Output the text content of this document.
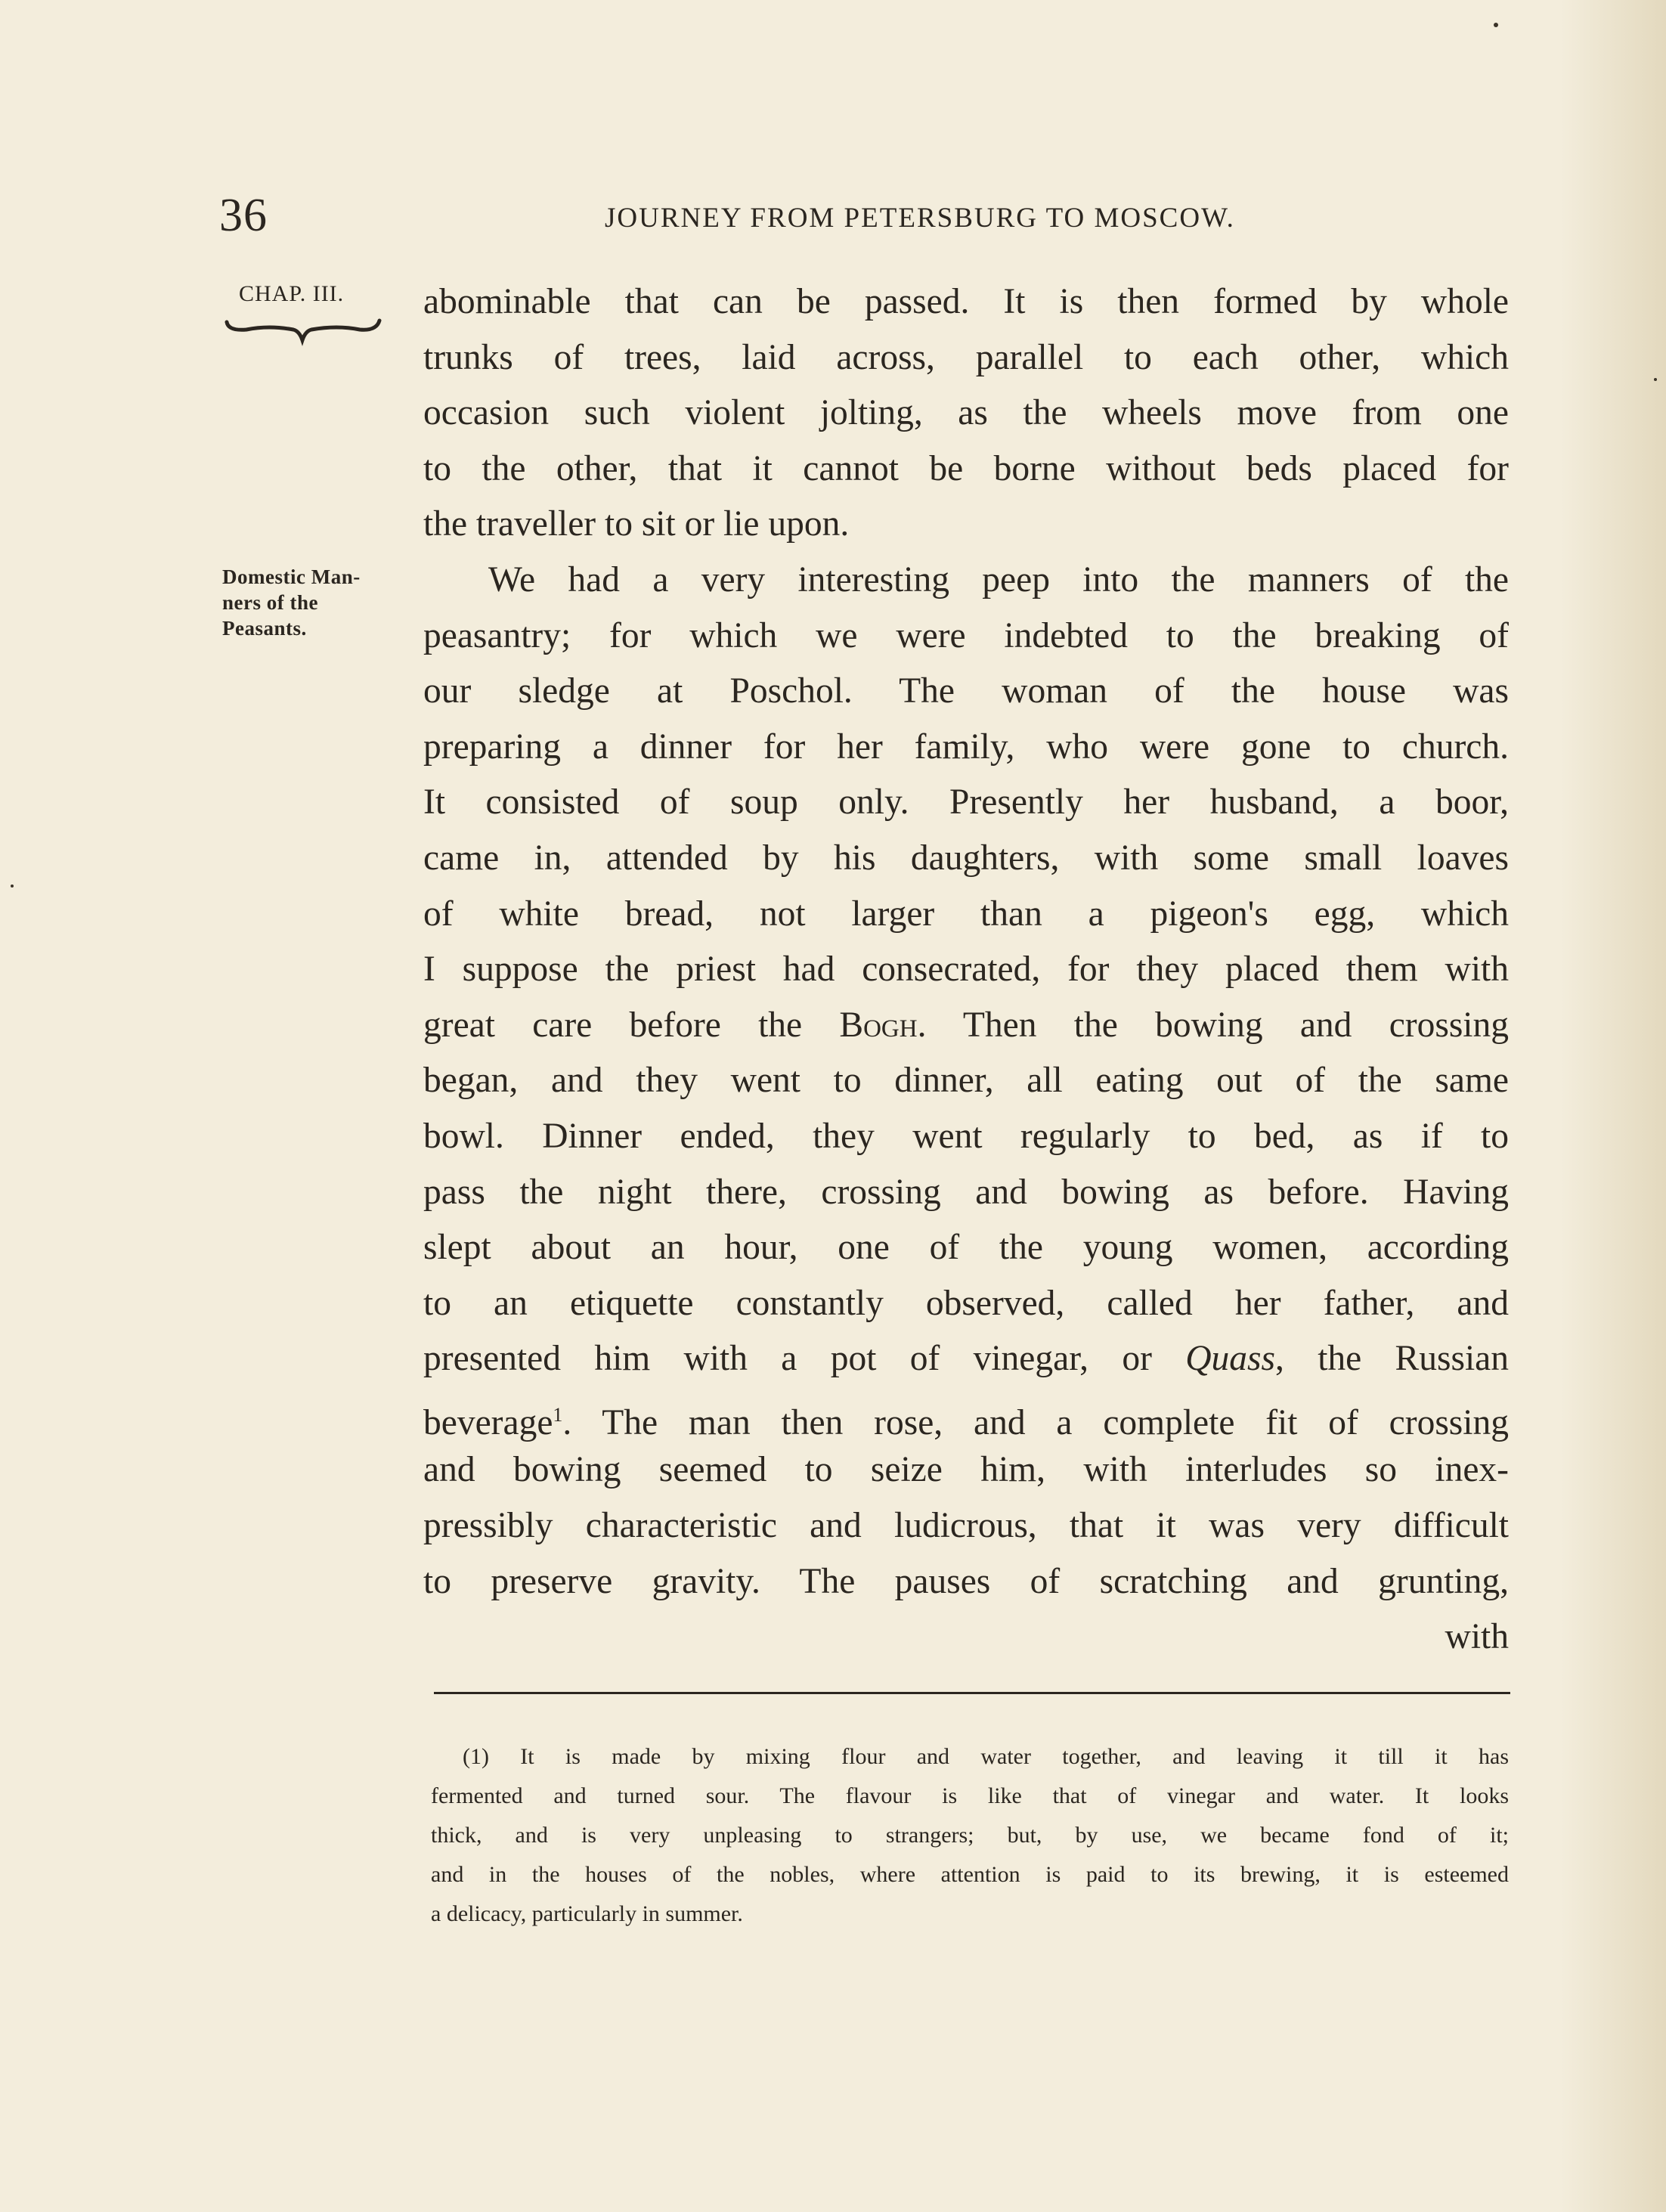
36	JOURNEY FROM PETERSBURG TO MOSCOW.
CHAP. III.
Domestic Man-
ners of the
Peasants.
abominable that can be passed. It is then formed by whole
trunks of trees, laid across, parallel to each other, which
occasion such violent jolting, as the wheels move from one
to the other, that it cannot be borne without beds placed for
the traveller to sit or lie upon.
We had a very interesting peep into the manners of the
peasantry; for which we were indebted to the breaking of
our sledge at Poschol. The woman of the house was
preparing a dinner for her family, who were gone to church.
It consisted of soup only. Presently her husband, a boor,
came in, attended by his daughters, with some small loaves
of white bread, not larger than a pigeon's egg, which
I suppose the priest had consecrated, for they placed them with
great care before the Bogh. Then the bowing and crossing
began, and they went to dinner, all eating out of the same
bowl. Dinner ended, they went regularly to bed, as if to
pass the night there, crossing and bowing as before. Having
slept about an hour, one of the young women, according
to an etiquette constantly observed, called her father, and
presented him with a pot of vinegar, or Quass, the Russian
beverage$^1$. The man then rose, and a complete fit of crossing
and bowing seemed to seize him, with interludes so inex-
pressibly characteristic and ludicrous, that it was very difficult
to preserve gravity. The pauses of scratching and grunting,
with
(1) It is made by mixing flour and water together, and leaving it till it has
fermented and turned sour. The flavour is like that of vinegar and water. It looks
thick, and is very unpleasing to strangers; but, by use, we became fond of it;
and in the houses of the nobles, where attention is paid to its brewing, it is esteemed
a delicacy, particularly in summer.
